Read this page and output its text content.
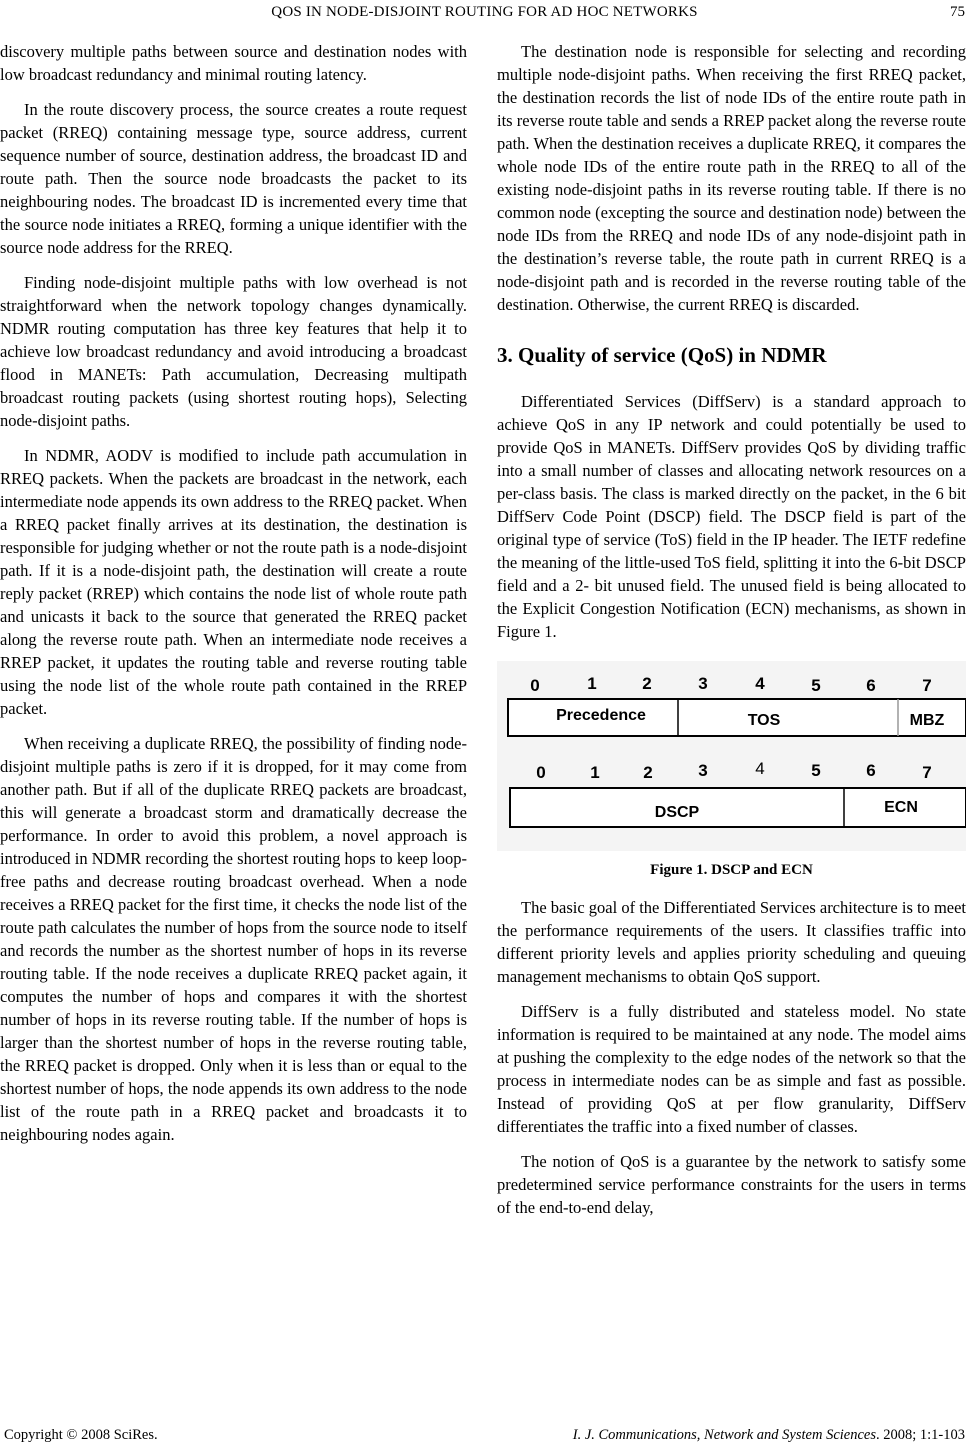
QOS IN NODE-DISJOINT ROUTING FOR AD HOC NETWORKS	75

discovery multiple paths between source and destination nodes with low broadcast redundancy and minimal routing latency.

In the route discovery process, the source creates a route request packet (RREQ) containing message type, source address, current sequence number of source, destination address, the broadcast ID and route path. Then the source node broadcasts the packet to its neighbouring nodes. The broadcast ID is incremented every time that the source node initiates a RREQ, forming a unique identifier with the source node address for the RREQ.

Finding node-disjoint multiple paths with low overhead is not straightforward when the network topology changes dynamically. NDMR routing computation has three key features that help it to achieve low broadcast redundancy and avoid introducing a broadcast flood in MANETs: Path accumulation, Decreasing multipath broadcast routing packets (using shortest routing hops), Selecting node-disjoint paths.

In NDMR, AODV is modified to include path accumulation in RREQ packets. When the packets are broadcast in the network, each intermediate node appends its own address to the RREQ packet. When a RREQ packet finally arrives at its destination, the destination is responsible for judging whether or not the route path is a node-disjoint path. If it is a node-disjoint path, the destination will create a route reply packet (RREP) which contains the node list of whole route path and unicasts it back to the source that generated the RREQ packet along the reverse route path. When an intermediate node receives a RREP packet, it updates the routing table and reverse routing table using the node list of the whole route path contained in the RREP packet.

When receiving a duplicate RREQ, the possibility of finding node-disjoint multiple paths is zero if it is dropped, for it may come from another path. But if all of the duplicate RREQ packets are broadcast, this will generate a broadcast storm and dramatically decrease the performance. In order to avoid this problem, a novel approach is introduced in NDMR recording the shortest routing hops to keep loop-free paths and decrease routing broadcast overhead. When a node receives a RREQ packet for the first time, it checks the node list of the route path calculates the number of hops from the source node to itself and records the number as the shortest number of hops in its reverse routing table. If the node receives a duplicate RREQ packet again, it computes the number of hops and compares it with the shortest number of hops in its reverse routing table. If the number of hops is larger than the shortest number of hops in the reverse routing table, the RREQ packet is dropped. Only when it is less than or equal to the shortest number of hops, the node appends its own address to the node list of the route path in a RREQ packet and broadcasts it to neighbouring nodes again.

The destination node is responsible for selecting and recording multiple node-disjoint paths. When receiving the first RREQ packet, the destination records the list of node IDs of the entire route path in its reverse route table and sends a RREP packet along the reverse route path. When the destination receives a duplicate RREQ, it compares the whole node IDs of the entire route path in the RREQ to all of the existing node-disjoint paths in its reverse routing table. If there is no common node (excepting the source and destination node) between the node IDs from the RREQ and node IDs of any node-disjoint path in the destination’s reverse table, the route path in current RREQ is a node-disjoint path and is recorded in the reverse routing table of the destination. Otherwise, the current RREQ is discarded.

3. Quality of service (QoS) in NDMR

Differentiated Services (DiffServ) is a standard approach to achieve QoS in any IP network and could potentially be used to provide QoS in MANETs. DiffServ provides QoS by dividing traffic into a small number of classes and allocating network resources on a per-class basis. The class is marked directly on the packet, in the 6 bit DiffServ Code Point (DSCP) field. The DSCP field is part of the original type of service (ToS) field in the IP header. The IETF redefine the meaning of the little-used ToS field, splitting it into the 6-bit DSCP field and a 2- bit unused field. The unused field is being allocated to the Explicit Congestion Notification (ECN) mechanisms, as shown in Figure 1.

0	1	2	3	4	5	6	7
Precedence	TOS	MBZ
0	1	2	3	4	5	6	7
DSCP	ECN
Figure 1. DSCP and ECN

The basic goal of the Differentiated Services architecture is to meet the performance requirements of the users. It classifies traffic into different priority levels and applies priority scheduling and queuing management mechanisms to obtain QoS support.

DiffServ is a fully distributed and stateless model. No state information is required to be maintained at any node. The model aims at pushing the complexity to the edge nodes of the network so that the process in intermediate nodes can be as simple and fast as possible. Instead of providing QoS at per flow granularity, DiffServ differentiates the traffic into a fixed number of classes.

The notion of QoS is a guarantee by the network to satisfy some predetermined service performance constraints for the users in terms of the end-to-end delay,

Copyright © 2008 SciRes.	I. J. Communications, Network and System Sciences. 2008; 1:1-103
